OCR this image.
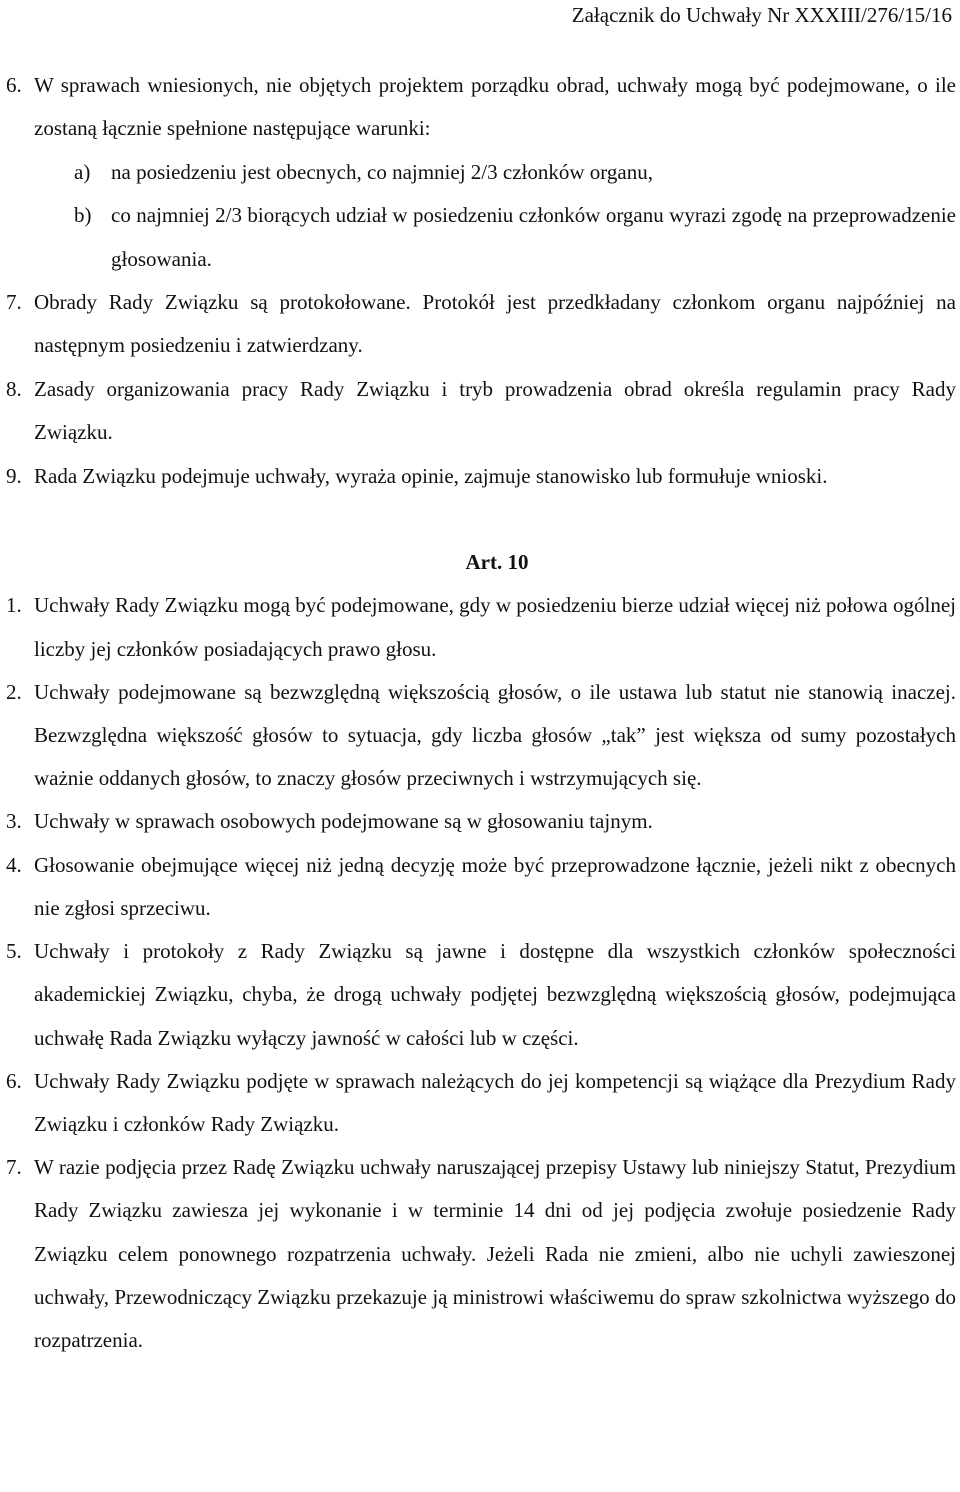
Załącznik do Uchwały Nr XXXIII/276/15/16
6. W sprawach wniesionych, nie objętych projektem porządku obrad, uchwały mogą być podejmowane, o ile zostaną łącznie spełnione następujące warunki:
a) na posiedzeniu jest obecnych, co najmniej 2/3 członków organu,
b) co najmniej 2/3 biorących udział w posiedzeniu członków organu wyrazi zgodę na przeprowadzenie głosowania.
7. Obrady Rady Związku są protokołowane. Protokół jest przedkładany członkom organu najpóźniej na następnym posiedzeniu i zatwierdzany.
8. Zasady organizowania pracy Rady Związku i tryb prowadzenia obrad określa regulamin pracy Rady Związku.
9. Rada Związku podejmuje uchwały, wyraża opinie, zajmuje stanowisko lub formułuje wnioski.
Art. 10
1. Uchwały Rady Związku mogą być podejmowane, gdy w posiedzeniu bierze udział więcej niż połowa ogólnej liczby jej członków posiadających prawo głosu.
2. Uchwały podejmowane są bezwzględną większością głosów, o ile ustawa lub statut nie stanowią inaczej. Bezwzględna większość głosów to sytuacja, gdy liczba głosów „tak” jest większa od sumy pozostałych ważnie oddanych głosów, to znaczy głosów przeciwnych i wstrzymujących się.
3. Uchwały w sprawach osobowych podejmowane są w głosowaniu tajnym.
4. Głosowanie obejmujące więcej niż jedną decyzję może być przeprowadzone łącznie, jeżeli nikt z obecnych nie zgłosi sprzeciwu.
5. Uchwały i protokoły z Rady Związku są jawne i dostępne dla wszystkich członków społeczności akademickiej Związku, chyba, że drogą uchwały podjętej bezwzględną większością głosów, podejmująca uchwałę Rada Związku wyłączy jawność w całości lub w części.
6. Uchwały Rady Związku podjęte w sprawach należących do jej kompetencji są wiążące dla Prezydium Rady Związku i członków Rady Związku.
7. W razie podjęcia przez Radę Związku uchwały naruszającej przepisy Ustawy lub niniejszy Statut, Prezydium Rady Związku zawiesza jej wykonanie i w terminie 14 dni od jej podjęcia zwołuje posiedzenie Rady Związku celem ponownego rozpatrzenia uchwały. Jeżeli Rada nie zmieni, albo nie uchyli zawieszonej uchwały, Przewodniczący Związku przekazuje ją ministrowi właściwemu do spraw szkolnictwa wyższego do rozpatrzenia.
